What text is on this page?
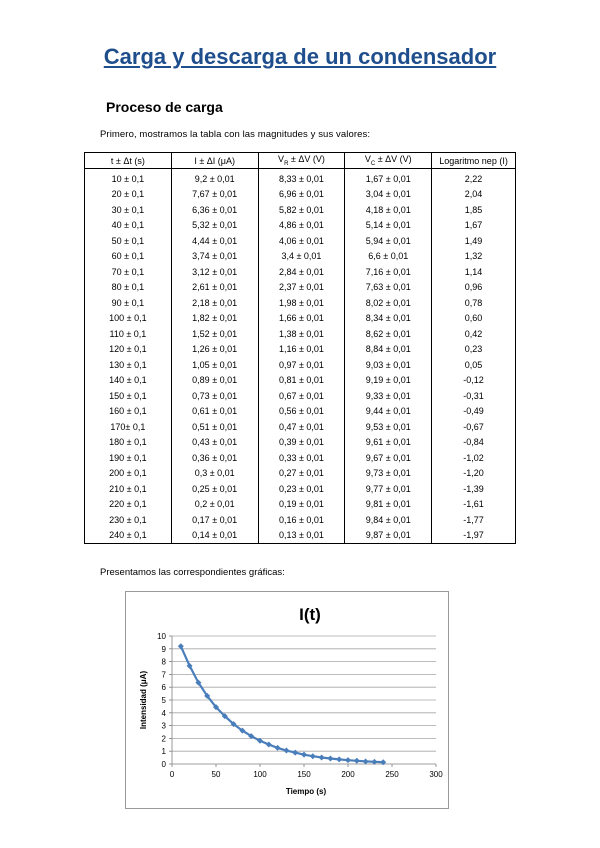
Carga y descarga de un condensador
Proceso de carga
Primero, mostramos la tabla con las magnitudes y sus valores:
t ± Δt (s)	I ± ΔI (μA)	$V_R \pm \Delta V$ (V)	$V_C \pm \Delta V$ (V)	Logaritmo nep (I)
10 ± 0,1	9,2 ± 0,01	8,33 ± 0,01	1,67 ± 0,01	2,22
20 ± 0,1	7,67 ± 0,01	6,96 ± 0,01	3,04 ± 0,01	2,04
30 ± 0,1	6,36 ± 0,01	5,82 ± 0,01	4,18 ± 0,01	1,85
40 ± 0,1	5,32 ± 0,01	4,86 ± 0,01	5,14 ± 0,01	1,67
50 ± 0,1	4,44 ± 0,01	4,06 ± 0,01	5,94 ± 0,01	1,49
60 ± 0,1	3,74 ± 0,01	3,4 ± 0,01	6,6 ± 0,01	1,32
70 ± 0,1	3,12 ± 0,01	2,84 ± 0,01	7,16 ± 0,01	1,14
80 ± 0,1	2,61 ± 0,01	2,37 ± 0,01	7,63 ± 0,01	0,96
90 ± 0,1	2,18 ± 0,01	1,98 ± 0,01	8,02 ± 0,01	0,78
100 ± 0,1	1,82 ± 0,01	1,66 ± 0,01	8,34 ± 0,01	0,60
110 ± 0,1	1,52 ± 0,01	1,38 ± 0,01	8,62 ± 0,01	0,42
120 ± 0,1	1,26 ± 0,01	1,16 ± 0,01	8,84 ± 0,01	0,23
130 ± 0,1	1,05 ± 0,01	0,97 ± 0,01	9,03 ± 0,01	0,05
140 ± 0,1	0,89 ± 0,01	0,81 ± 0,01	9,19 ± 0,01	-0,12
150 ± 0,1	0,73 ± 0,01	0,67 ± 0,01	9,33 ± 0,01	-0,31
160 ± 0,1	0,61 ± 0,01	0,56 ± 0,01	9,44 ± 0,01	-0,49
170± 0,1	0,51 ± 0,01	0,47 ± 0,01	9,53 ± 0,01	-0,67
180 ± 0,1	0,43 ± 0,01	0,39 ± 0,01	9,61 ± 0,01	-0,84
190 ± 0,1	0,36 ± 0,01	0,33 ± 0,01	9,67 ± 0,01	-1,02
200 ± 0,1	0,3 ± 0,01	0,27 ± 0,01	9,73 ± 0,01	-1,20
210 ± 0,1	0,25 ± 0,01	0,23 ± 0,01	9,77 ± 0,01	-1,39
220 ± 0,1	0,2 ± 0,01	0,19 ± 0,01	9,81 ± 0,01	-1,61
230 ± 0,1	0,17 ± 0,01	0,16 ± 0,01	9,84 ± 0,01	-1,77
240 ± 0,1	0,14 ± 0,01	0,13 ± 0,01	9,87 ± 0,01	-1,97
Presentamos las correspondientes gráficas:
0
1
2
3
4
5
6
7
8
9
10
0	50	100	150	200	250	300
I(t)
Tiempo (s)
Intensidad (μA)
